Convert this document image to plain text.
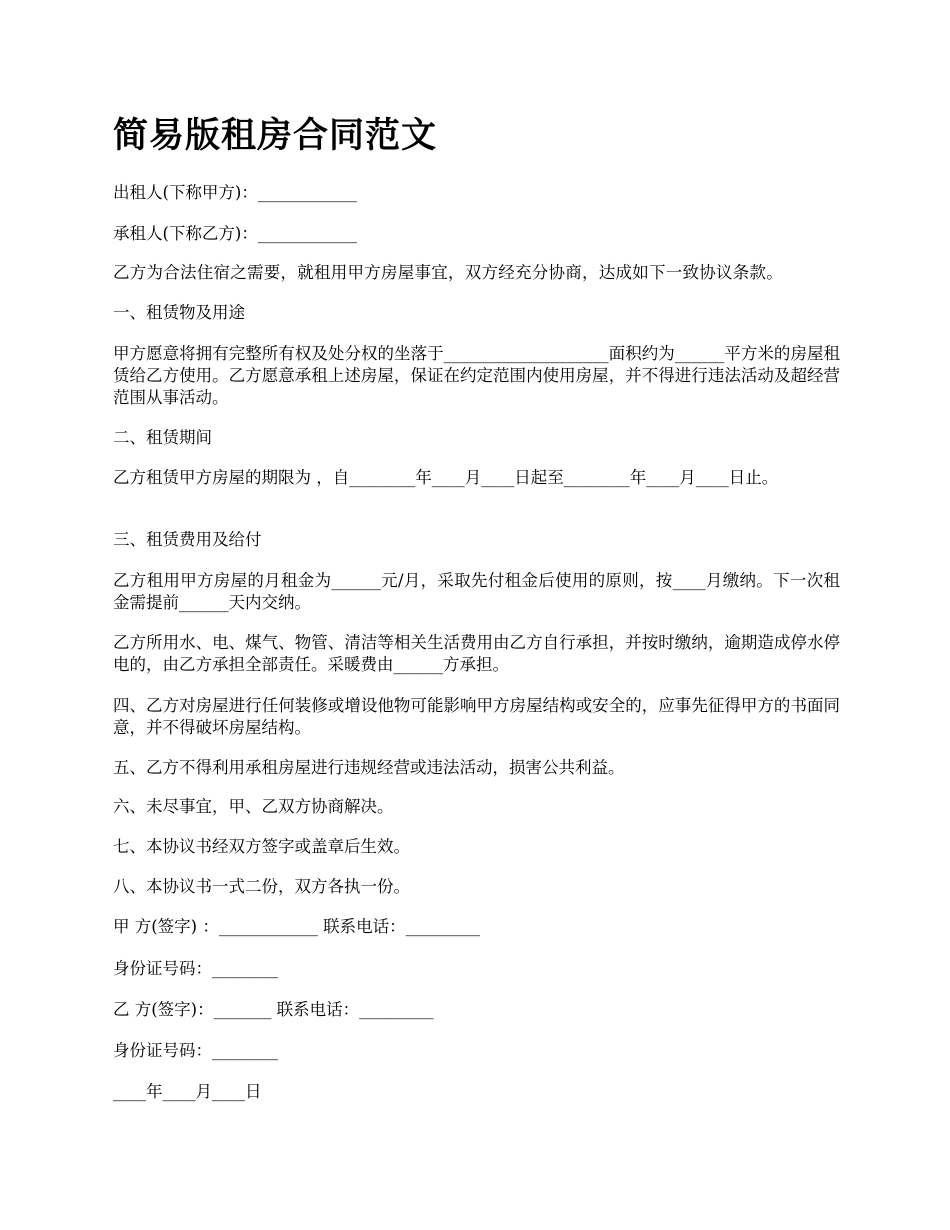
简易版租房合同范文

出租人(下称甲方)：____________

承租人(下称乙方)：____________

乙方为合法住宿之需要，就租用甲方房屋事宜，双方经充分协商，达成如下一致协议条款。

一、租赁物及用途

甲方愿意将拥有完整所有权及处分权的坐落于____________________面积约为______平方米的房屋租赁给乙方使用。乙方愿意承租上述房屋，保证在约定范围内使用房屋，并不得进行违法活动及超经营范围从事活动。

二、租赁期间

乙方租赁甲方房屋的期限为 ，自________年____月____日起至________年____月____日止。

三、租赁费用及给付

乙方租用甲方房屋的月租金为______元/月，采取先付租金后使用的原则，按____月缴纳。下一次租金需提前______天内交纳。

乙方所用水、电、煤气、物管、清洁等相关生活费用由乙方自行承担，并按时缴纳，逾期造成停水停电的，由乙方承担全部责任。采暖费由______方承担。

四、乙方对房屋进行任何装修或增设他物可能影响甲方房屋结构或安全的，应事先征得甲方的书面同意，并不得破坏房屋结构。

五、乙方不得利用承租房屋进行违规经营或违法活动，损害公共利益。

六、未尽事宜，甲、乙双方协商解决。

七、本协议书经双方签字或盖章后生效。

八、本协议书一式二份，双方各执一份。

甲 方(签字) ：____________ 联系电话：_________

身份证号码：________

乙 方(签字)：_______ 联系电话：_________

身份证号码：________

____年____月____日
